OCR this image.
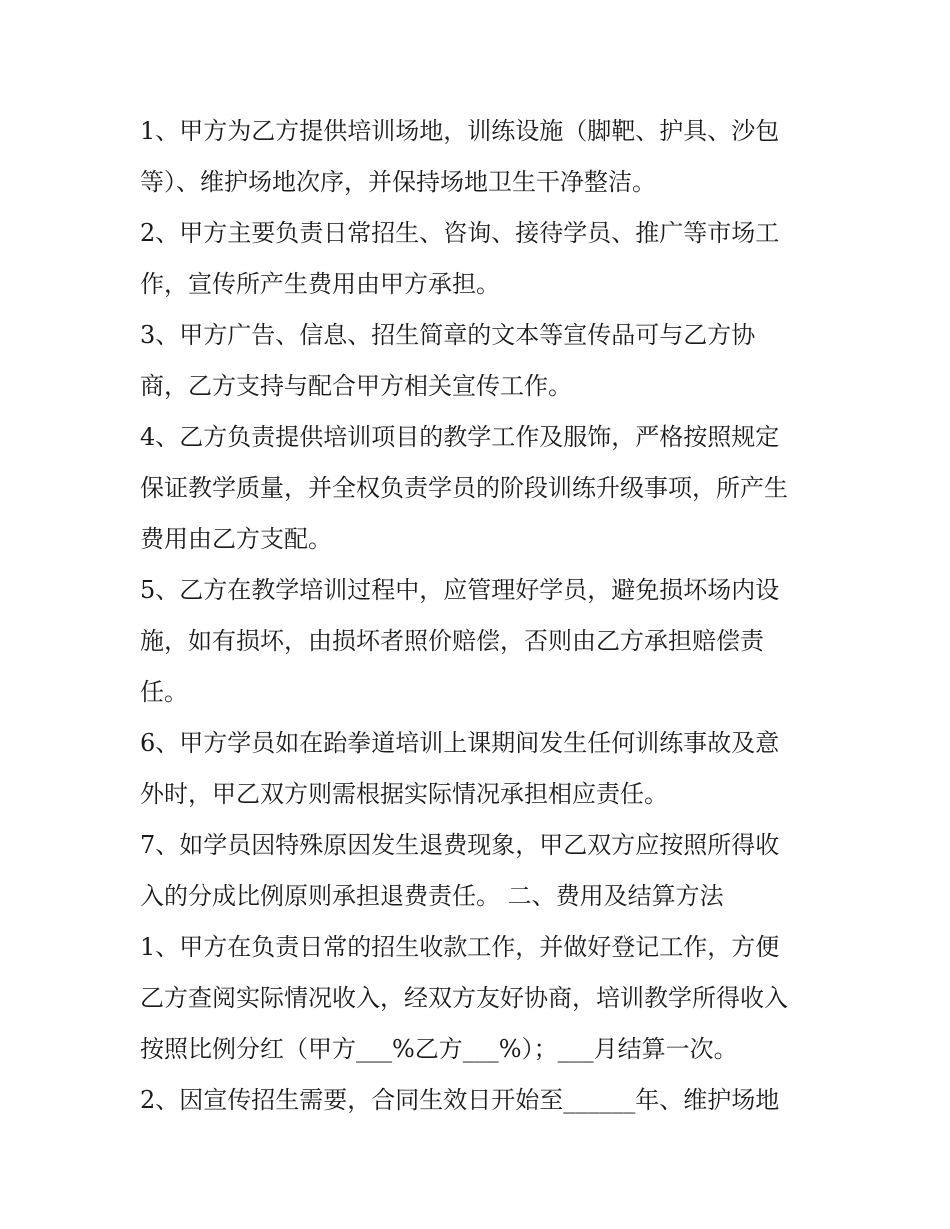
1、甲方为乙方提供培训场地，训练设施（脚靶、护具、沙包
等）、维护场地次序，并保持场地卫生干净整洁。
2、甲方主要负责日常招生、咨询、接待学员、推广等市场工
作，宣传所产生费用由甲方承担。
3、甲方广告、信息、招生简章的文本等宣传品可与乙方协
商，乙方支持与配合甲方相关宣传工作。
4、乙方负责提供培训项目的教学工作及服饰，严格按照规定
保证教学质量，并全权负责学员的阶段训练升级事项，所产生
费用由乙方支配。
5、乙方在教学培训过程中，应管理好学员，避免损坏场内设
施，如有损坏，由损坏者照价赔偿，否则由乙方承担赔偿责
任。
6、甲方学员如在跆拳道培训上课期间发生任何训练事故及意
外时，甲乙双方则需根据实际情况承担相应责任。
7、如学员因特殊原因发生退费现象，甲乙双方应按照所得收
入的分成比例原则承担退费责任。 二、费用及结算方法
1、甲方在负责日常的招生收款工作，并做好登记工作，方便
乙方查阅实际情况收入，经双方友好协商，培训教学所得收入
按照比例分红（甲方___%乙方___%）；___月结算一次。
2、因宣传招生需要，合同生效日开始至______年、维护场地
